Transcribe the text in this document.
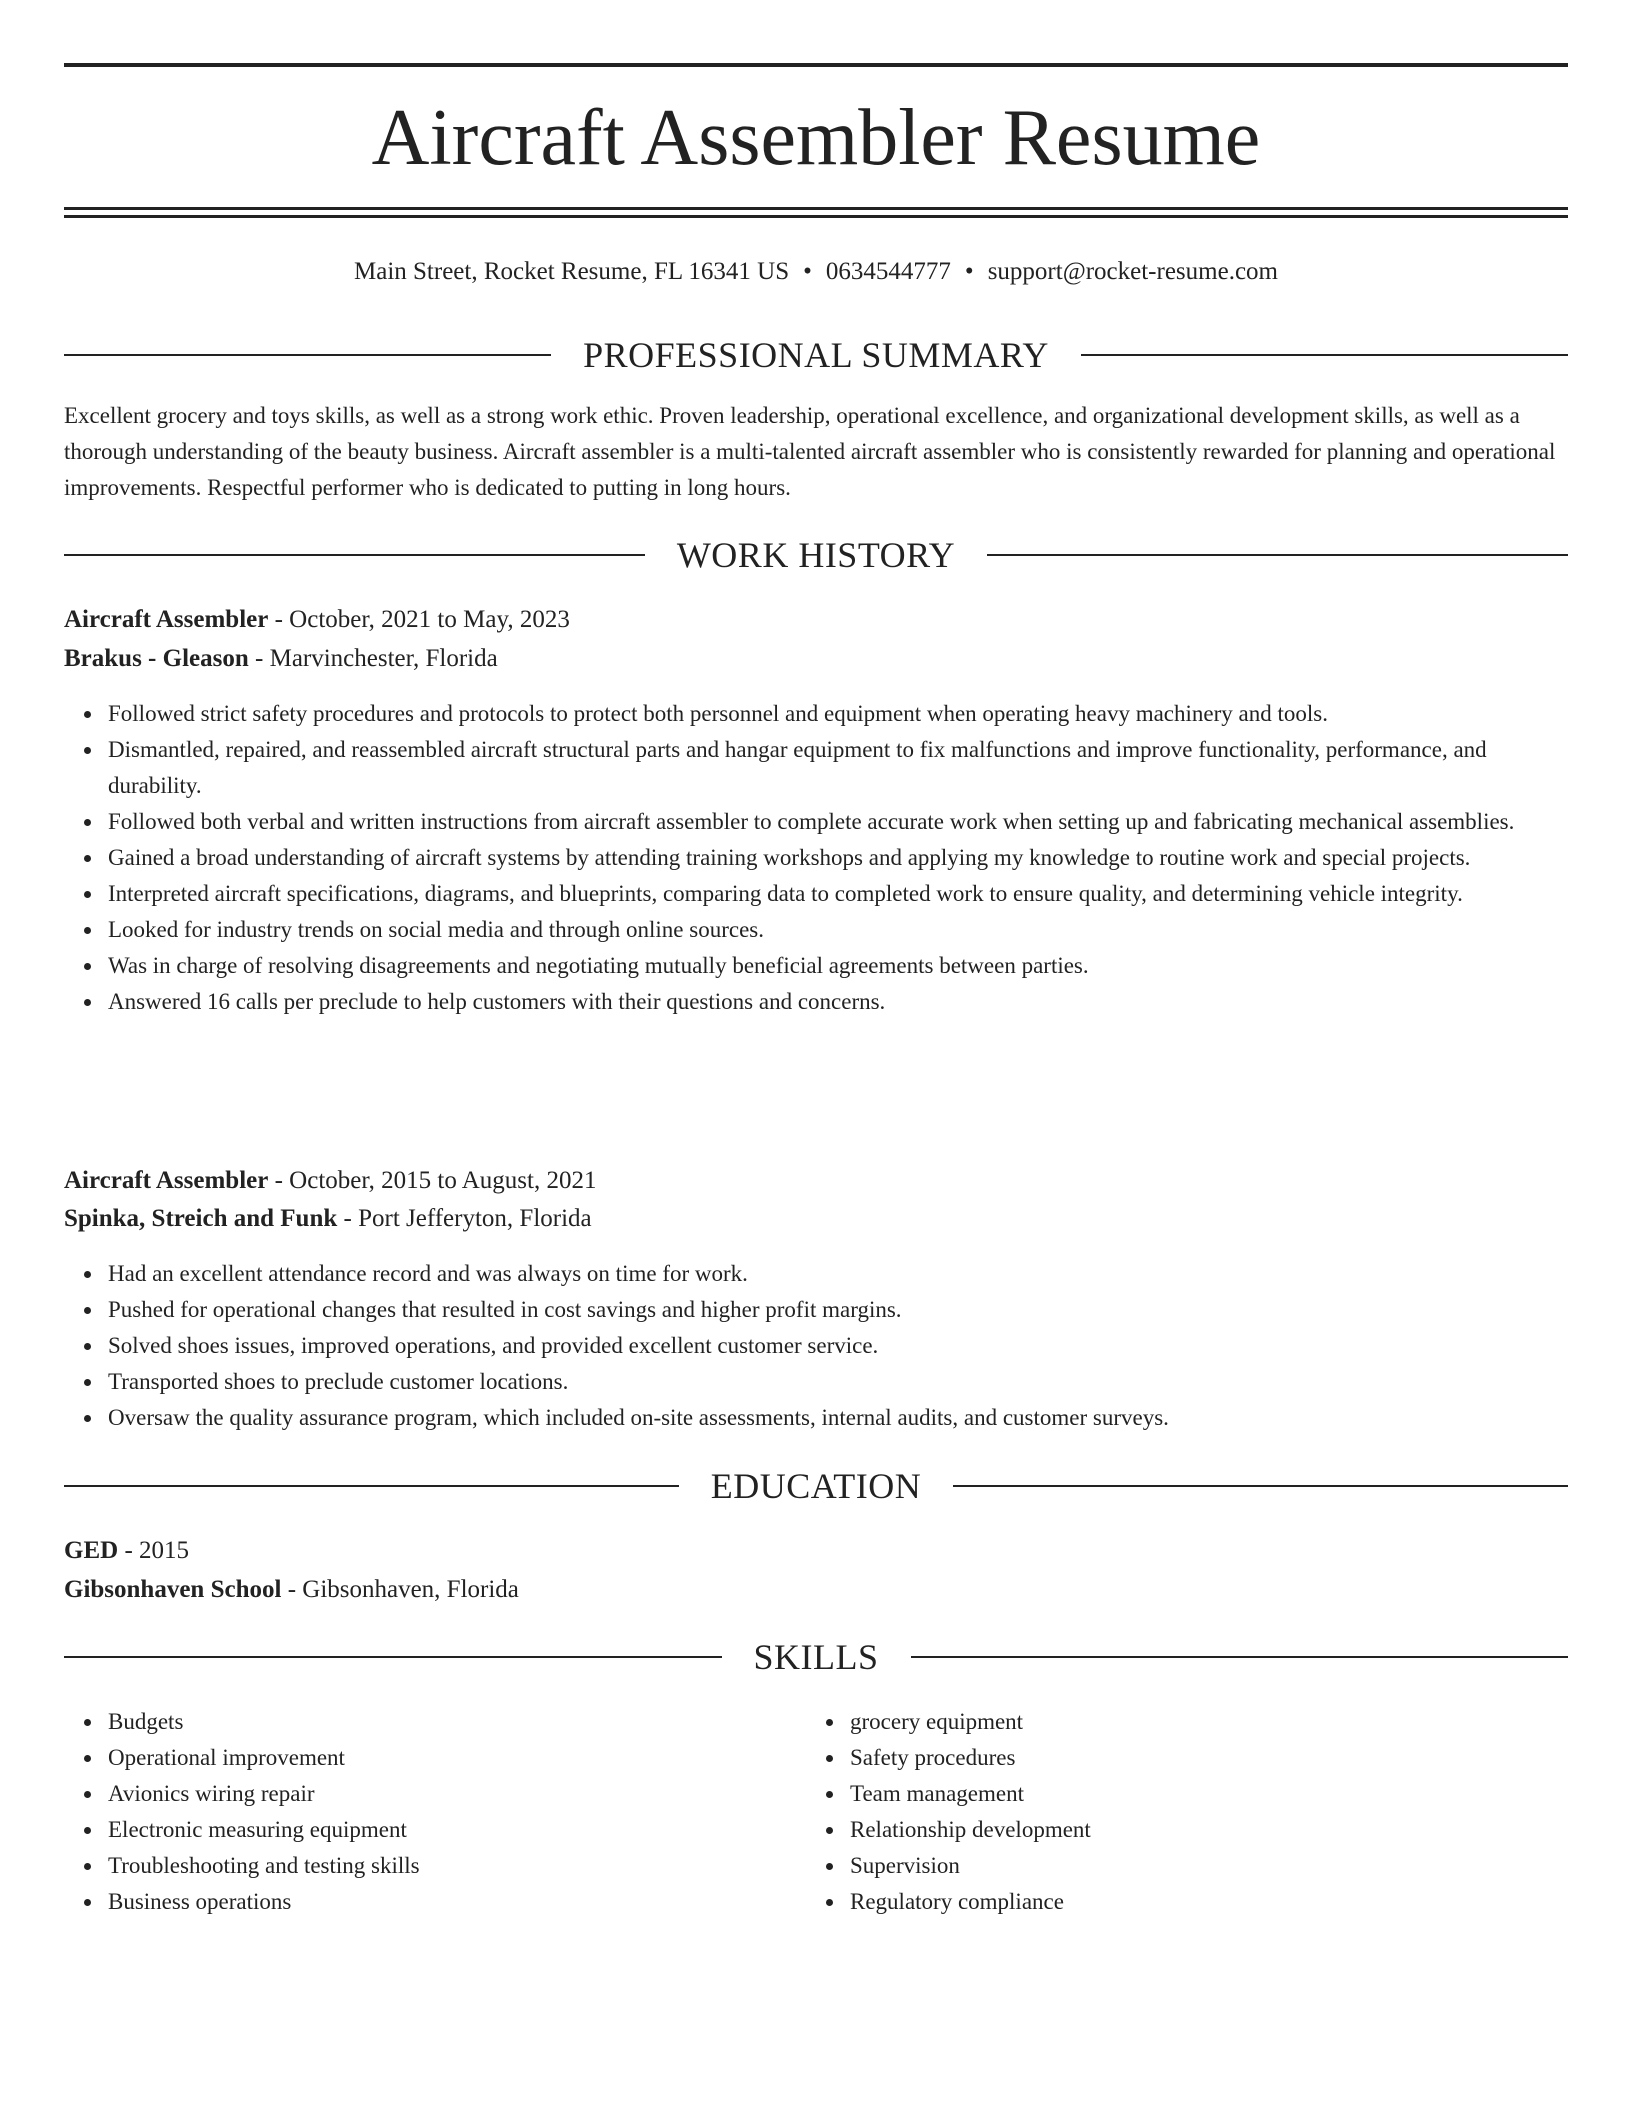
Aircraft Assembler Resume
Main Street, Rocket Resume, FL 16341 US • 0634544777 • support@rocket-resume.com
PROFESSIONAL SUMMARY

Excellent grocery and toys skills, as well as a strong work ethic. Proven leadership, operational excellence, and organizational development skills, as well as a thorough understanding of the beauty business. Aircraft assembler is a multi-talented aircraft assembler who is consistently rewarded for planning and operational improvements. Respectful performer who is dedicated to putting in long hours.

WORK HISTORY
Aircraft Assembler - October, 2021 to May, 2023
Brakus - Gleason - Marvinchester, Florida
Followed strict safety procedures and protocols to protect both personnel and equipment when operating heavy machinery and tools.
Dismantled, repaired, and reassembled aircraft structural parts and hangar equipment to fix malfunctions and improve functionality, performance, and durability.
Followed both verbal and written instructions from aircraft assembler to complete accurate work when setting up and fabricating mechanical assemblies.
Gained a broad understanding of aircraft systems by attending training workshops and applying my knowledge to routine work and special projects.
Interpreted aircraft specifications, diagrams, and blueprints, comparing data to completed work to ensure quality, and determining vehicle integrity.
Looked for industry trends on social media and through online sources.
Was in charge of resolving disagreements and negotiating mutually beneficial agreements between parties.
Answered 16 calls per preclude to help customers with their questions and concerns.
Aircraft Assembler - October, 2015 to August, 2021
Spinka, Streich and Funk - Port Jefferyton, Florida
Had an excellent attendance record and was always on time for work.
Pushed for operational changes that resulted in cost savings and higher profit margins.
Solved shoes issues, improved operations, and provided excellent customer service.
Transported shoes to preclude customer locations.
Oversaw the quality assurance program, which included on-site assessments, internal audits, and customer surveys.
EDUCATION
GED - 2015
Gibsonhaven School - Gibsonhaven, Florida
SKILLS
Budgets
Operational improvement
Avionics wiring repair
Electronic measuring equipment
Troubleshooting and testing skills
Business operations
grocery equipment
Safety procedures
Team management
Relationship development
Supervision
Regulatory compliance
